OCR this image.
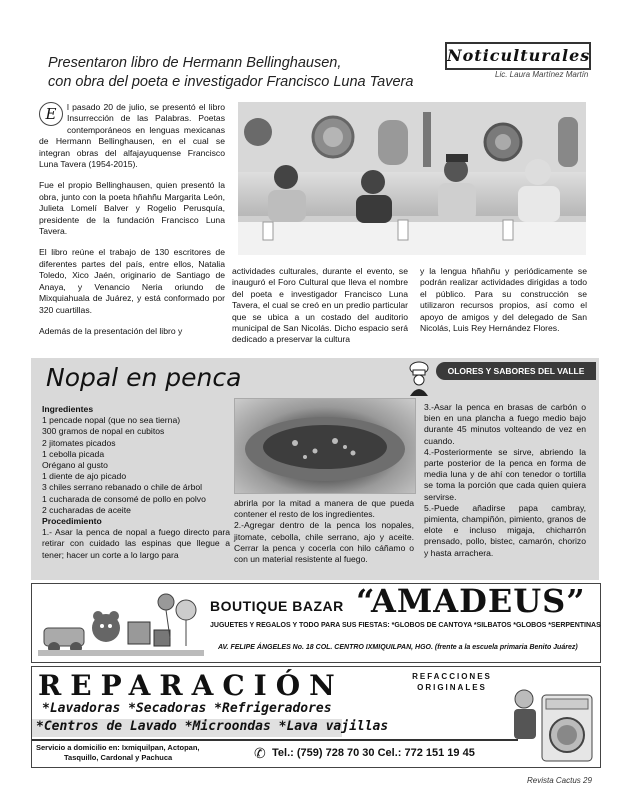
Presentaron libro de Hermann Bellinghausen,
con obra del poeta e investigador Francisco Luna Tavera
Noticulturales
Lic. Laura Martínez Martín

E	l pasado 20 de julio, se presentó el libro Insurrección de las Palabras. Poetas contemporáneos en lenguas mexicanas de Hermann Bellinghausen, en el cual se integran obras del alfajayuquense Francisco Luna Tavera (1954-2015).

Fue el propio Bellinghausen, quien presentó la obra, junto con la poeta hñahñu Margarita León, Julieta Lomelí Balver y Rogelio Perusquía, presidente de la fundación Francisco Luna Tavera.

El libro reúne el trabajo de 130 escritores de diferentes partes del país, entre ellos, Natalia Toledo, Xico Jaén, originario de Santiago de Anaya, y Venancio Neria oriundo de Mixquiahuala de Juárez, y está conformado por 320 cuartillas.

Además de la presentación del libro y

actividades culturales, durante el evento, se inauguró el Foro Cultural que lleva el nombre del poeta e investigador Francisco Luna Tavera, el cual se creó en un predio particular que se ubica a un costado del auditorio municipal de San Nicolás. Dicho espacio será dedicado a preservar la cultura
y la lengua hñahñu y periódicamente se podrán realizar actividades dirigidas a todo el público. Para su construcción se utilizaron recursos propios, así como el apoyo de amigos y del delegado de San Nicolás, Luis Rey Hernández Flores.
Nopal en penca	OLORES Y SABORES DEL VALLE
Ingredientes
1 pencade nopal (que no sea tierna)
300 gramos de nopal en cubitos
2 jitomates picados
1 cebolla picada
Orégano al gusto
1 diente de ajo picado
3 chiles serrano rebanado o chile de árbol
1 cucharada de consomé de pollo en polvo
2 cucharadas de aceite
Procedimiento
1.- Asar la penca de nopal a fuego directo para retirar con cuidado las espinas que llegue a tener; hacer un corte a lo largo para
abrirla por la mitad a manera de que pueda contener el resto de los ingredientes.
2.-Agregar dentro de la penca los nopales, jitomate, cebolla, chile serrano, ajo y aceite. Cerrar la penca y cocerla con hilo cáñamo o con un material resistente al fuego.
3.-Asar la penca en brasas de carbón o bien en una plancha a fuego medio bajo durante 45 minutos volteando de vez en cuando.
4.-Posteriormente se sirve, abriendo la parte posterior de la penca en forma de media luna y de ahí con tenedor o tortilla se toma la porción que cada quien quiera servirse.
5.-Puede añadirse papa cambray, pimienta, champiñón, pimiento, granos de elote e incluso migaja, chicharrón prensado, pollo, bistec, camarón, chorizo y hasta arrachera.
BOUTIQUE BAZAR “AMADEUS”
JUGUETES Y REGALOS Y TODO PARA SUS FIESTAS: *GLOBOS DE CANTOYA *SILBATOS *GLOBOS *SERPENTINAS
AV. FELIPE ÁNGELES No. 18 COL. CENTRO IXMIQUILPAN, HGO. (frente a la escuela primaria Benito Juárez)
REPARACIÓN	REFACCIONES ORIGINALES
*Lavadoras *Secadoras *Refrigeradores
*Centros de Lavado *Microondas *Lava vajillas
Servicio a domicilio en: Ixmiquilpan, Actopan,
Tasquillo, Cardonal y Pachuca	✆ Tel.: (759) 728 70 30 Cel.: 772 151 19 45
Revista Cactus 29
